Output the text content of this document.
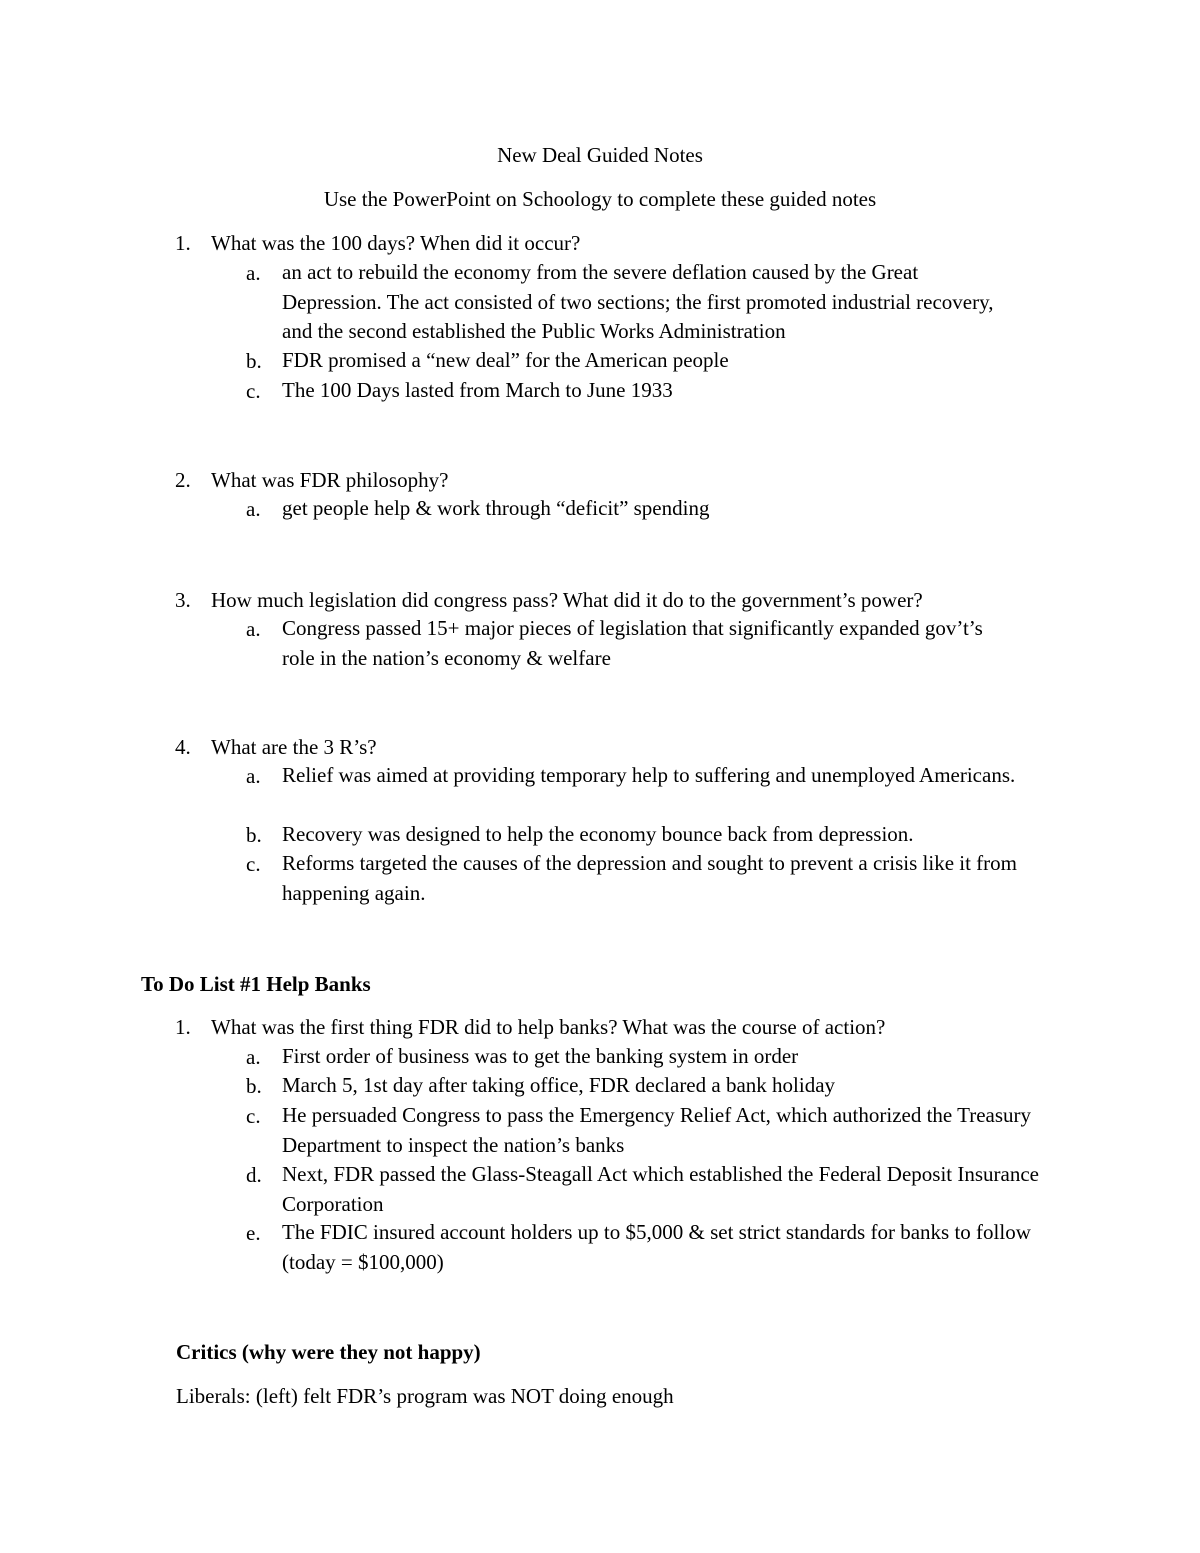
New Deal Guided Notes
Use the PowerPoint on Schoology to complete these guided notes
1. What was the 100 days? When did it occur?
a. an act to rebuild the economy from the severe deflation caused by the Great Depression. The act consisted of two sections; the first promoted industrial recovery, and the second established the Public Works Administration
b. FDR promised a “new deal” for the American people
c. The 100 Days lasted from March to June 1933
2. What was FDR philosophy?
a. get people help & work through “deficit” spending
3. How much legislation did congress pass? What did it do to the government’s power?
a. Congress passed 15+ major pieces of legislation that significantly expanded gov’t’s role in the nation’s economy & welfare
4. What are the 3 R’s?
a. Relief was aimed at providing temporary help to suffering and unemployed Americans.
b. Recovery was designed to help the economy bounce back from depression.
c. Reforms targeted the causes of the depression and sought to prevent a crisis like it from happening again.
To Do List #1 Help Banks
1. What was the first thing FDR did to help banks? What was the course of action?
a. First order of business was to get the banking system in order
b. March 5, 1st day after taking office, FDR declared a bank holiday
c. He persuaded Congress to pass the Emergency Relief Act, which authorized the Treasury Department to inspect the nation’s banks
d. Next, FDR passed the Glass-Steagall Act which established the Federal Deposit Insurance Corporation
e. The FDIC insured account holders up to $5,000 & set strict standards for banks to follow (today = $100,000)
Critics (why were they not happy)
Liberals: (left) felt FDR’s program was NOT doing enough
